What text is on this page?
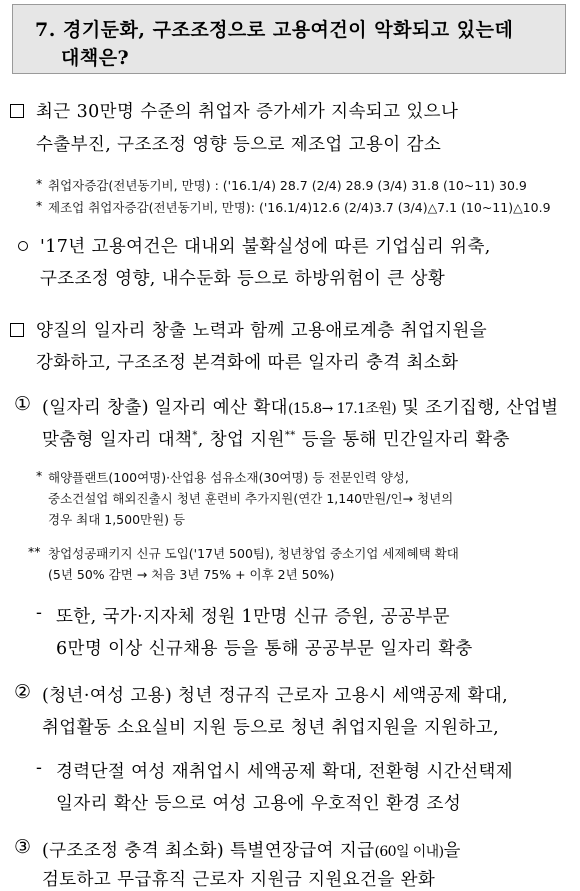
7. 경기둔화, 구조조정으로 고용여건이 악화되고 있는데
대책은?
최근 30만명 수준의 취업자 증가세가 지속되고 있으나
수출부진, 구조조정 영향 등으로 제조업 고용이 감소
* 취업자증감(전년동기비, 만명) : ('16.1/4) 28.7 (2/4) 28.9 (3/4) 31.8 (10~11) 30.9
* 제조업 취업자증감(전년동기비, 만명): ('16.1/4)12.6 (2/4)3.7 (3/4)△7.1 (10~11)△10.9
'17년 고용여건은 대내외 불확실성에 따른 기업심리 위축,
구조조정 영향, 내수둔화 등으로 하방위험이 큰 상황
양질의 일자리 창출 노력과 함께 고용애로계층 취업지원을
강화하고, 구조조정 본격화에 따른 일자리 충격 최소화
① (일자리 창출) 일자리 예산 확대(15.8→ 17.1조원) 및 조기집행, 산업별
맞춤형 일자리 대책*, 창업 지원** 등을 통해 민간일자리 확충
* 해양플랜트(100여명)·산업용 섬유소재(30여명) 등 전문인력 양성,
중소건설업 해외진출시 청년 훈련비 추가지원(연간 1,140만원/인→ 청년의
경우 최대 1,500만원) 등
** 창업성공패키지 신규 도입('17년 500팀), 청년창업 중소기업 세제혜택 확대
(5년 50% 감면 → 처음 3년 75% + 이후 2년 50%)
- 또한, 국가·지자체 정원 1만명 신규 증원, 공공부문
6만명 이상 신규채용 등을 통해 공공부문 일자리 확충
② (청년·여성 고용) 청년 정규직 근로자 고용시 세액공제 확대,
취업활동 소요실비 지원 등으로 청년 취업지원을 지원하고,
- 경력단절 여성 재취업시 세액공제 확대, 전환형 시간선택제
일자리 확산 등으로 여성 고용에 우호적인 환경 조성
③ (구조조정 충격 최소화) 특별연장급여 지급(60일 이내)을
검토하고 무급휴직 근로자 지원금 지원요건을 완화
